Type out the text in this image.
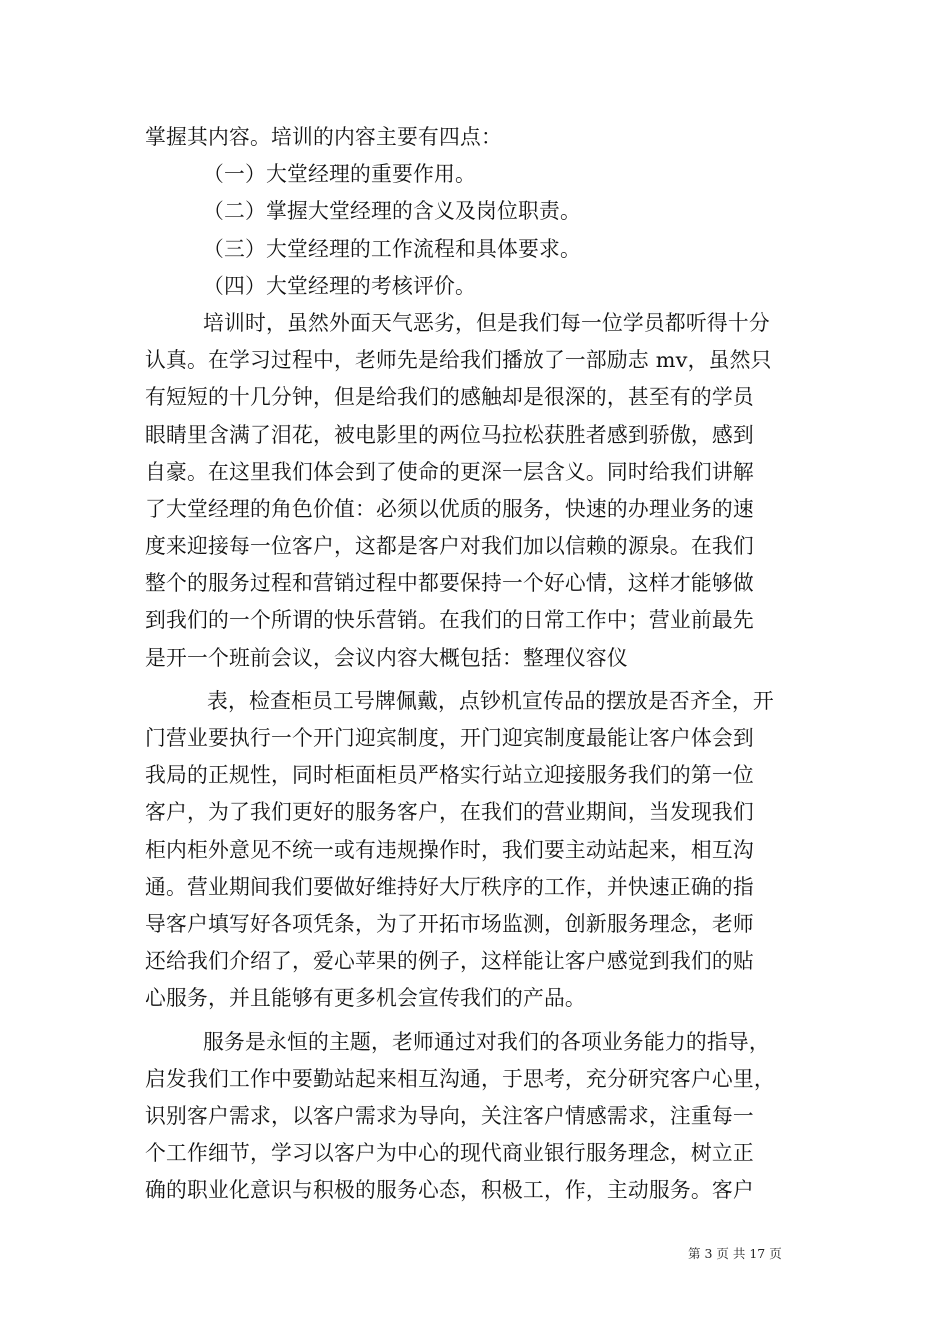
掌握其内容。培训的内容主要有四点：
（一）大堂经理的重要作用。
（二）掌握大堂经理的含义及岗位职责。
（三）大堂经理的工作流程和具体要求。
（四）大堂经理的考核评价。
培训时，虽然外面天气恶劣，但是我们每一位学员都听得十分
认真。在学习过程中，老师先是给我们播放了一部励志 mv，虽然只
有短短的十几分钟，但是给我们的感触却是很深的，甚至有的学员
眼睛里含满了泪花，被电影里的两位马拉松获胜者感到骄傲，感到
自豪。在这里我们体会到了使命的更深一层含义。同时给我们讲解
了大堂经理的角色价值：必须以优质的服务，快速的办理业务的速
度来迎接每一位客户，这都是客户对我们加以信赖的源泉。在我们
整个的服务过程和营销过程中都要保持一个好心情，这样才能够做
到我们的一个所谓的快乐营销。在我们的日常工作中；营业前最先
是开一个班前会议，会议内容大概包括：整理仪容仪
表，检查柜员工号牌佩戴，点钞机宣传品的摆放是否齐全，开
门营业要执行一个开门迎宾制度，开门迎宾制度最能让客户体会到
我局的正规性，同时柜面柜员严格实行站立迎接服务我们的第一位
客户，为了我们更好的服务客户，在我们的营业期间，当发现我们
柜内柜外意见不统一或有违规操作时，我们要主动站起来，相互沟
通。营业期间我们要做好维持好大厅秩序的工作，并快速正确的指
导客户填写好各项凭条，为了开拓市场监测，创新服务理念，老师
还给我们介绍了，爱心苹果的例子，这样能让客户感觉到我们的贴
心服务，并且能够有更多机会宣传我们的产品。
服务是永恒的主题，老师通过对我们的各项业务能力的指导，
启发我们工作中要勤站起来相互沟通，于思考，充分研究客户心里，
识别客户需求，以客户需求为导向，关注客户情感需求，注重每一
个工作细节，学习以客户为中心的现代商业银行服务理念，树立正
确的职业化意识与积极的服务心态，积极工，作，主动服务。客户
第 3 页 共 17 页
